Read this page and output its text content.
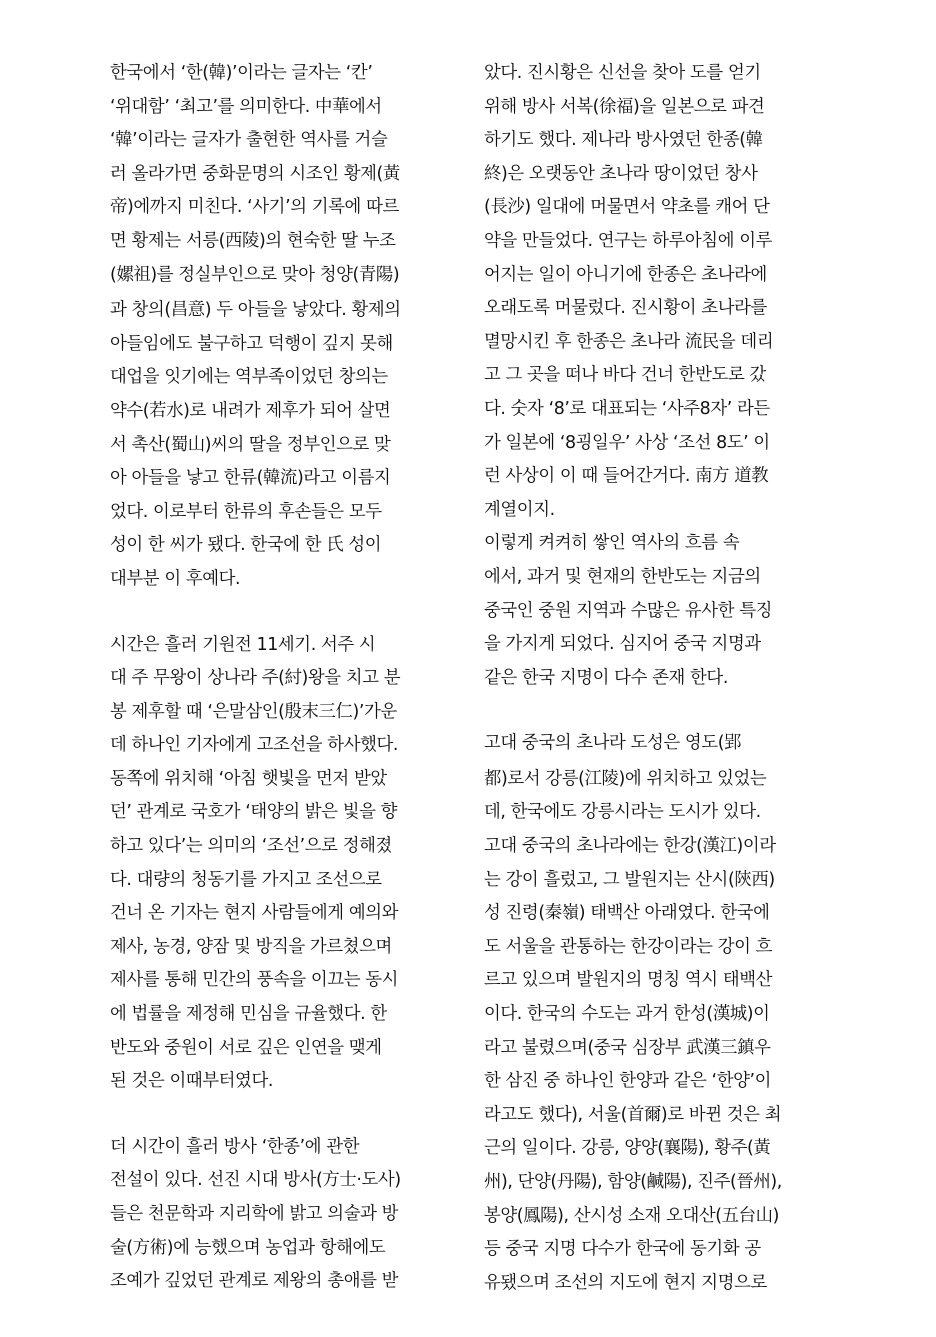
한국에서 ‘한(韓)’이라는 글자는 ‘칸’
‘위대함’ ‘최고’를 의미한다. 中華에서
‘韓’이라는 글자가 출현한 역사를 거슬
러 올라가면 중화문명의 시조인 황제(黃
帝)에까지 미친다. ‘사기’의 기록에 따르
면 황제는 서릉(西陵)의 현숙한 딸 누조
(嫘祖)를 정실부인으로 맞아 청양(青陽)

과 창의(昌意) 두 아들을 낳았다. 황제의
아들임에도 불구하고 덕행이 깊지 못해
대업을 잇기에는 역부족이었던 창의는
약수(若水)로 내려가 제후가 되어 살면
서 촉산(蜀山)씨의 딸을 정부인으로 맞
아 아들을 낳고 한류(韓流)라고 이름지
었다. 이로부터 한류의 후손들은 모두
성이 한 씨가 됐다. 한국에 한 氏 성이
대부분 이 후예다.

시간은 흘러 기원전 11세기. 서주 시
대 주 무왕이 상나라 주(紂)왕을 치고 분
봉 제후할 때 ‘은말삼인(殷末三仁)’가운
데 하나인 기자에게 고조선을 하사했다.
동쪽에 위치해 ‘아침 햇빛을 먼저 받았
던’ 관계로 국호가 ‘태양의 밝은 빛을 향
하고 있다’는 의미의 ‘조선’으로 정해졌
다. 대량의 청동기를 가지고 조선으로
건너 온 기자는 현지 사람들에게 예의와
제사, 농경, 양잠 및 방직을 가르쳤으며
제사를 통해 민간의 풍속을 이끄는 동시
에 법률을 제정해 민심을 규율했다. 한
반도와 중원이 서로 깊은 인연을 맺게
된 것은 이때부터였다.

더 시간이 흘러 방사 ‘한종’에 관한
전설이 있다. 선진 시대 방사(方士·도사)
들은 천문학과 지리학에 밝고 의술과 방
술(方術)에 능했으며 농업과 항해에도
조예가 깊었던 관계로 제왕의 총애를 받

았다. 진시황은 신선을 찾아 도를 얻기
위해 방사 서복(徐福)을 일본으로 파견
하기도 했다. 제나라 방사였던 한종(韓
終)은 오랫동안 초나라 땅이었던 창사
(長沙) 일대에 머물면서 약초를 캐어 단
약을 만들었다. 연구는 하루아침에 이루
어지는 일이 아니기에 한종은 초나라에
오래도록 머물렀다. 진시황이 초나라를
멸망시킨 후 한종은 초나라 流民을 데리
고 그 곳을 떠나 바다 건너 한반도로 갔
다. 숫자 ‘8’로 대표되는 ‘사주8자’ 라든
가 일본에 ‘8굉일우’ 사상 ‘조선 8도’ 이
런 사상이 이 때 들어간거다. 南方 道教
계열이지.

이렇게 켜켜히 쌓인 역사의 흐름 속
에서, 과거 및 현재의 한반도는 지금의
중국인 중원 지역과 수많은 유사한 특징
을 가지게 되었다. 심지어 중국 지명과
같은 한국 지명이 다수 존재 한다.

고대 중국의 초나라 도성은 영도(郢

都)로서 강릉(江陵)에 위치하고 있었는
데, 한국에도 강릉시라는 도시가 있다.
고대 중국의 초나라에는 한강(漢江)이라
는 강이 흘렀고, 그 발원지는 산시(陝西)
성 진령(秦嶺) 태백산 아래였다. 한국에
도 서울을 관통하는 한강이라는 강이 흐
르고 있으며 발원지의 명칭 역시 태백산
이다. 한국의 수도는 과거 한성(漢城)이
라고 불렸으며(중국 심장부 武漢三鎮우
한 삼진 중 하나인 한양과 같은 ‘한양’이
라고도 했다), 서울(首爾)로 바뀐 것은 최
근의 일이다. 강릉, 양양(襄陽), 황주(黃
州), 단양(丹陽), 함양(鹹陽), 진주(晉州),
봉양(鳳陽), 산시성 소재 오대산(五台山)
등 중국 지명 다수가 한국에 동기화 공
유됐으며 조선의 지도에 현지 지명으로
